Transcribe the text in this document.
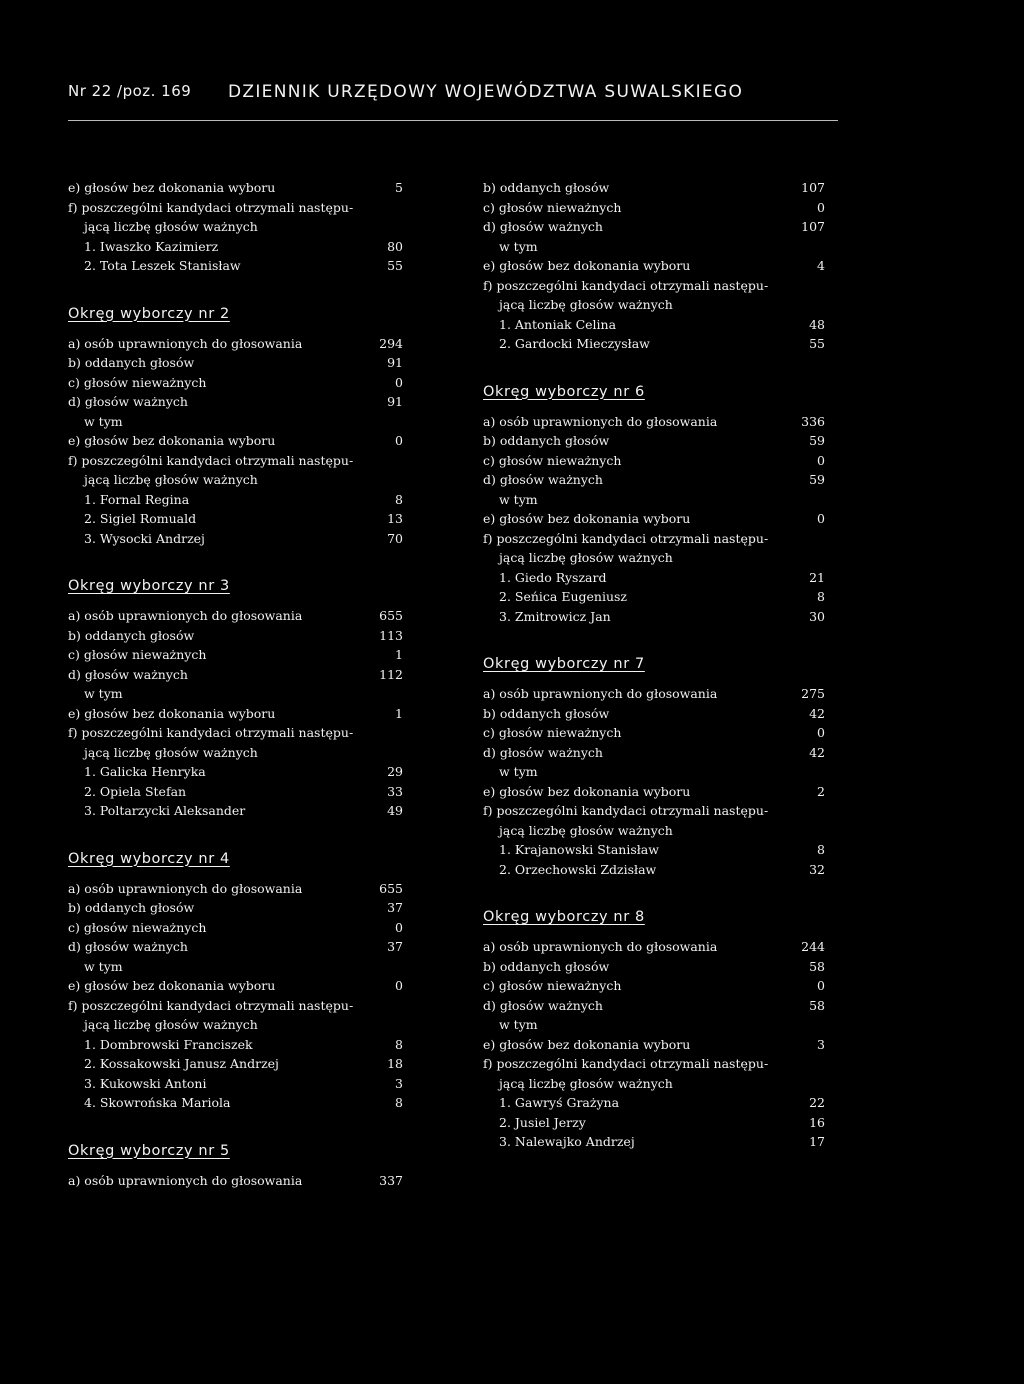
Nr 22 /poz. 169 DZIENNIK URZĘDOWY WOJEWÓDZTWA SUWALSKIEGO
e) głosów bez dokonania wyboru	5
f) poszczególni kandydaci otrzymali następu-
jącą liczbę głosów ważnych
1. Iwaszko Kazimierz	80
2. Tota Leszek Stanisław	55
Okręg wyborczy nr 2
a) osób uprawnionych do głosowania	294
b) oddanych głosów	91
c) głosów nieważnych	0
d) głosów ważnych	91
w tym
e) głosów bez dokonania wyboru	0
f) poszczególni kandydaci otrzymali następu-
jącą liczbę głosów ważnych
1. Fornal Regina	8
2. Sigiel Romuald	13
3. Wysocki Andrzej	70
Okręg wyborczy nr 3
a) osób uprawnionych do głosowania	655
b) oddanych głosów	113
c) głosów nieważnych	1
d) głosów ważnych	112
w tym
e) głosów bez dokonania wyboru	1
f) poszczególni kandydaci otrzymali następu-
jącą liczbę głosów ważnych
1. Galicka Henryka	29
2. Opiela Stefan	33
3. Poltarzycki Aleksander	49
Okręg wyborczy nr 4
a) osób uprawnionych do głosowania	655
b) oddanych głosów	37
c) głosów nieważnych	0
d) głosów ważnych	37
w tym
e) głosów bez dokonania wyboru	0
f) poszczególni kandydaci otrzymali następu-
jącą liczbę głosów ważnych
1. Dombrowski Franciszek	8
2. Kossakowski Janusz Andrzej	18
3. Kukowski Antoni	3
4. Skowrońska Mariola	8
Okręg wyborczy nr 5
a) osób uprawnionych do głosowania	337
b) oddanych głosów	107
c) głosów nieważnych	0
d) głosów ważnych	107
w tym
e) głosów bez dokonania wyboru	4
f) poszczególni kandydaci otrzymali następu-
jącą liczbę głosów ważnych
1. Antoniak Celina	48
2. Gardocki Mieczysław	55
Okręg wyborczy nr 6
a) osób uprawnionych do głosowania	336
b) oddanych głosów	59
c) głosów nieważnych	0
d) głosów ważnych	59
w tym
e) głosów bez dokonania wyboru	0
f) poszczególni kandydaci otrzymali następu-
jącą liczbę głosów ważnych
1. Giedo Ryszard	21
2. Seńica Eugeniusz	8
3. Zmitrowicz Jan	30
Okręg wyborczy nr 7
a) osób uprawnionych do głosowania	275
b) oddanych głosów	42
c) głosów nieważnych	0
d) głosów ważnych	42
w tym
e) głosów bez dokonania wyboru	2
f) poszczególni kandydaci otrzymali następu-
jącą liczbę głosów ważnych
1. Krajanowski Stanisław	8
2. Orzechowski Zdzisław	32
Okręg wyborczy nr 8
a) osób uprawnionych do głosowania	244
b) oddanych głosów	58
c) głosów nieważnych	0
d) głosów ważnych	58
w tym
e) głosów bez dokonania wyboru	3
f) poszczególni kandydaci otrzymali następu-
jącą liczbę głosów ważnych
1. Gawryś Grażyna	22
2. Jusiel Jerzy	16
3. Nalewajko Andrzej	17
